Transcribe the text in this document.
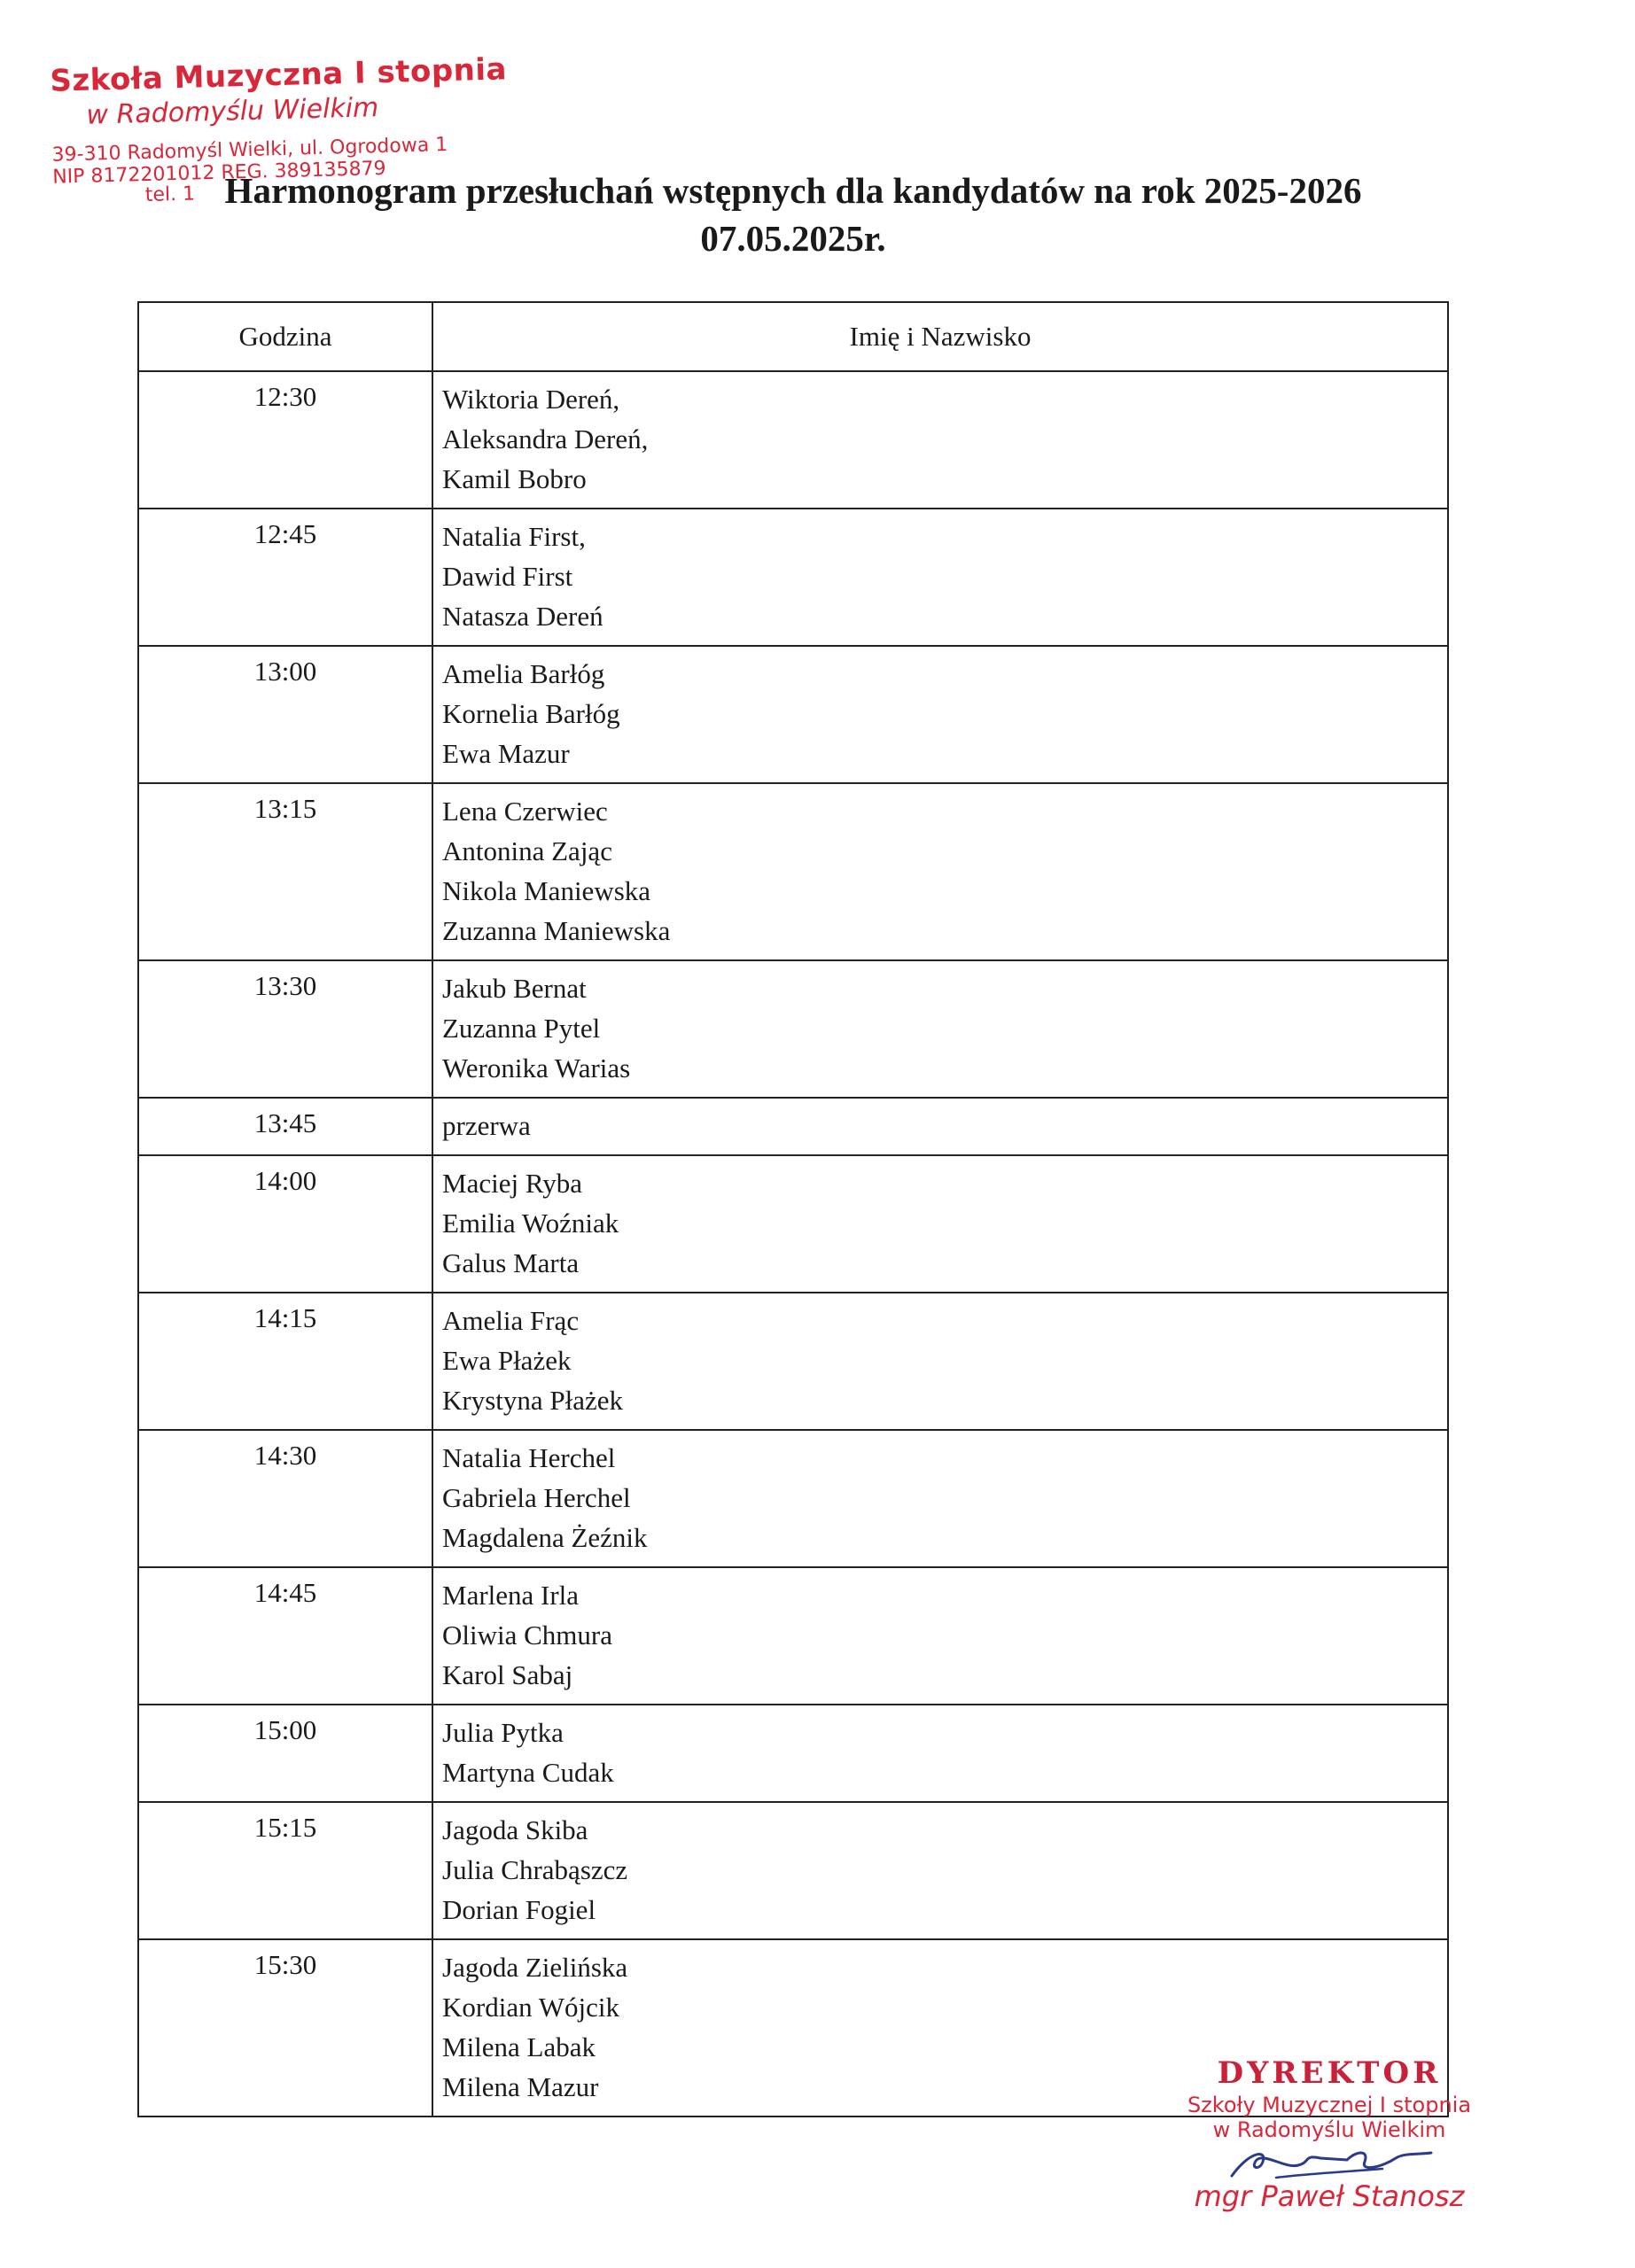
Szkoła Muzyczna I stopnia
w Radomyślu Wielkim
39-310 Radomyśl Wielki, ul. Ogrodowa 1
NIP 8172201012 REG. 389135879
tel. 1 Harmonogram przesłuchań wstępnych dla kandydatów na rok 2025-2026
07.05.2025r.
Godzina	Imię i Nazwisko
12:30	Wiktoria Dereń,
Aleksandra Dereń,
Kamil Bobro

12:45	Natalia First,
Dawid First
Natasza Dereń

13:00	Amelia Barłóg
Kornelia Barłóg
Ewa Mazur

13:15	Lena Czerwiec
Antonina Zając
Nikola Maniewska
Zuzanna Maniewska

13:30	Jakub Bernat
Zuzanna Pytel
Weronika Warias

13:45	przerwa

14:00	Maciej Ryba
Emilia Woźniak
Galus Marta

14:15	Amelia Frąc
Ewa Płażek
Krystyna Płażek

14:30	Natalia Herchel
Gabriela Herchel
Magdalena Żeźnik

14:45	Marlena Irla
Oliwia Chmura
Karol Sabaj

15:00	Julia Pytka
Martyna Cudak

15:15	Jagoda Skiba
Julia Chrabąszcz
Dorian Fogiel

15:30	Jagoda Zielińska
Kordian Wójcik
Milena Labak
Milena Mazur	DYREKTOR
Szkoły Muzycznej I stopnia
w Radomyślu Wielkim
mgr Paweł Stanosz
